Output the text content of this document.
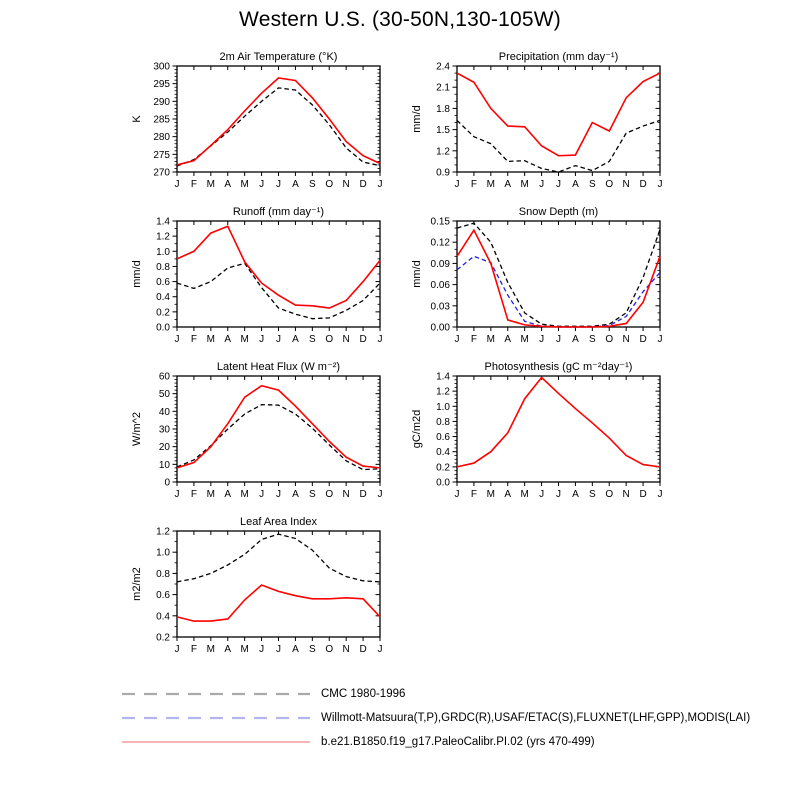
Western U.S. (30-50N,130-105W)
2m Air Temperature (°K)
K
J F M A M J J A S O N D J
270
275
280
285
290
295
300
Precipitation (mm day⁻¹)
mm/d
J F M A M J J A S O N D J
0.9
1.2
1.5
1.8
2.1
2.4
Runoff (mm day⁻¹)
mm/d
J F M A M J J A S O N D J
0.0
0.2
0.4
0.6
0.8
1.0
1.2
1.4
Snow Depth (m)
mm/d
J F M A M J J A S O N D J
0.00
0.03
0.06
0.09
0.12
0.15
Latent Heat Flux (W m⁻²)
W/m^2
J F M A M J J A S O N D J
0
10
20
30
40
50
60
Photosynthesis (gC m⁻²day⁻¹)
gC/m2d
J F M A M J J A S O N D J
0.0
0.2
0.4
0.6
0.8
1.0
1.2
1.4
Leaf Area Index
m2/m2
J F M A M J J A S O N D J
0.2
0.4
0.6
0.8
1.0
1.2
CMC 1980-1996
Willmott-Matsuura(T,P),GRDC(R),USAF/ETAC(S),FLUXNET(LHF,GPP),MODIS(LAI)
b.e21.B1850.f19_g17.PaleoCalibr.PI.02 (yrs 470-499)
